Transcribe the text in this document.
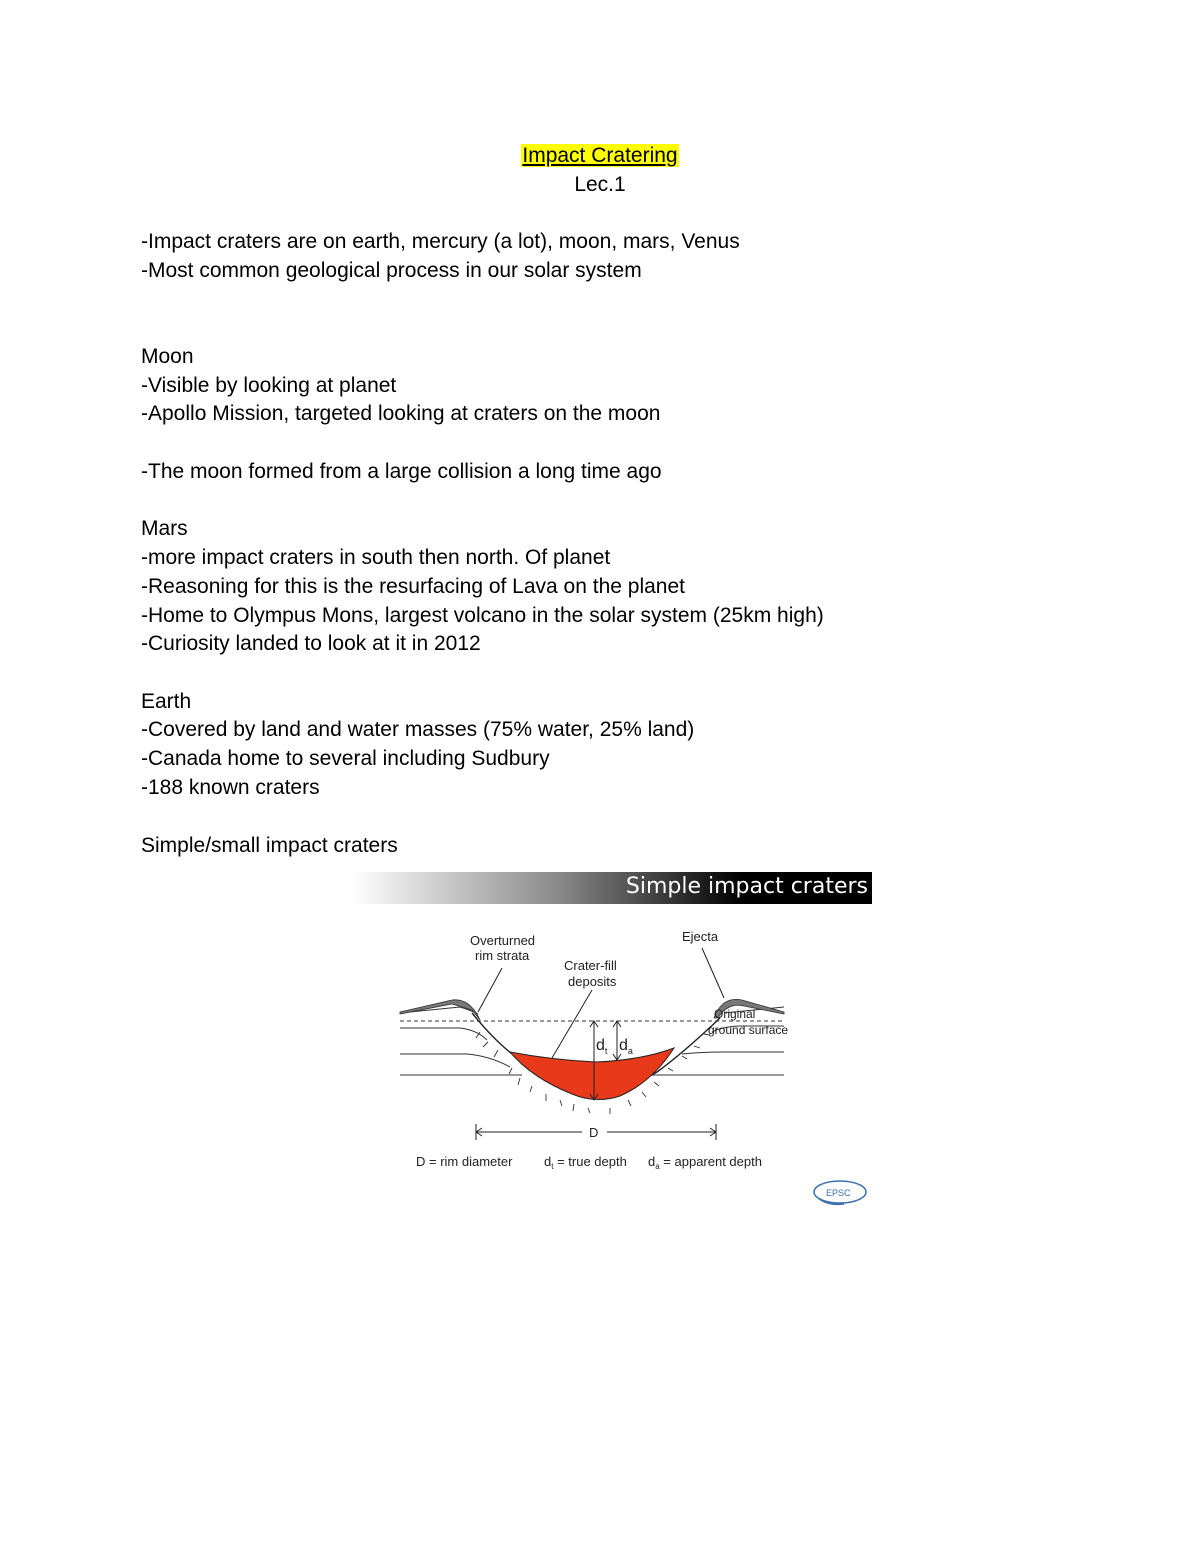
Impact Cratering
Lec.1
-Impact craters are on earth, mercury (a lot), moon, mars, Venus
-Most common geological process in our solar system
Moon
-Visible by looking at planet
-Apollo Mission, targeted looking at craters on the moon
-The moon formed from a large collision a long time ago
Mars
-more impact craters in south then north. Of planet
-Reasoning for this is the resurfacing of Lava on the planet
-Home to Olympus Mons, largest volcano in the solar system (25km high)
-Curiosity landed to look at it in 2012
Earth
-Covered by land and water masses (75% water, 25% land)
-Canada home to several including Sudbury
-188 known craters
Simple/small impact craters
Simple impact craters
$d_t$ $d_a$
Overturned
rim strata
Crater-fill
deposits
Ejecta
Original
ground surface
D
D = rim diameter $d_t$ = true depth $d_a$ = apparent depth
EPSC
